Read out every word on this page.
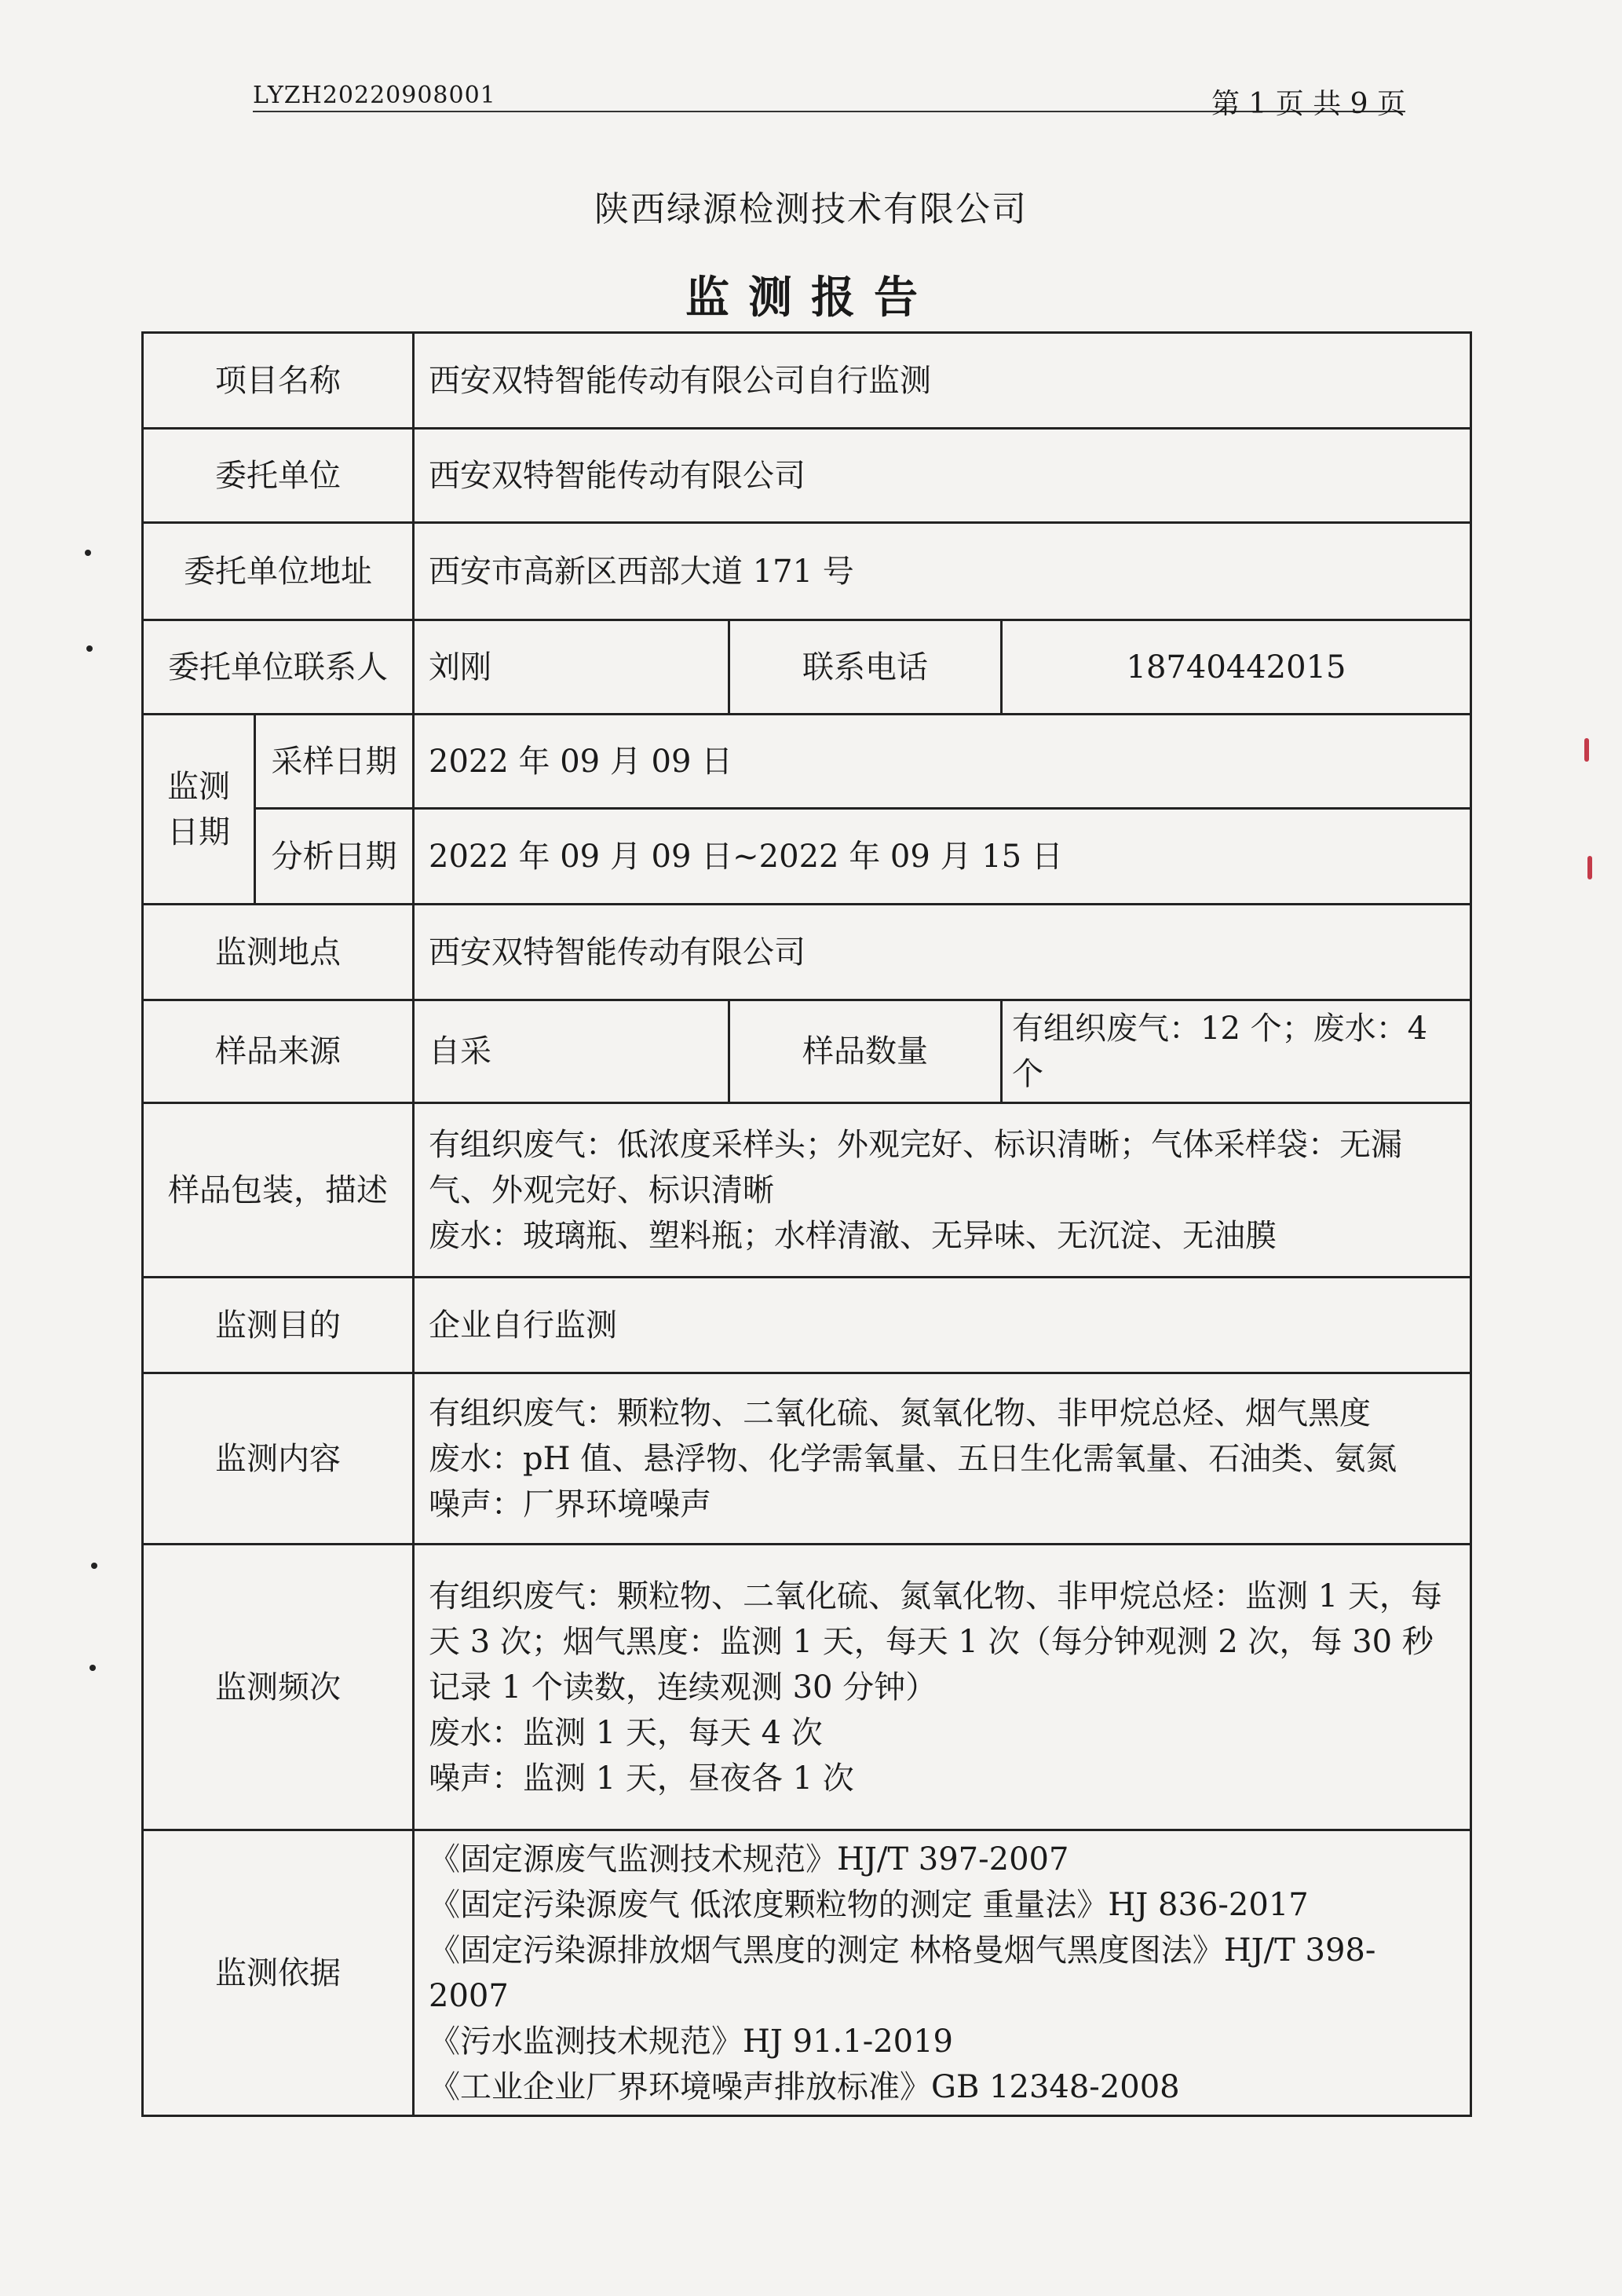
LYZH20220908001	第 1 页 共 9 页
陕西绿源检测技术有限公司
监测报告
项目名称		西安双特智能传动有限公司自行监测		
委托单位		西安双特智能传动有限公司		
委托单位地址		西安市高新区西部大道 171 号		
委托单位联系人		刘刚	联系电话	18740442015
监测日期	采样日期	2022 年 09 月 09 日		
	分析日期	2022 年 09 月 09 日~2022 年 09 月 15 日		
监测地点		西安双特智能传动有限公司		
样品来源		自采	样品数量	有组织废气：12 个；废水：4 个
样品包装，描述		有组织废气：低浓度采样头；外观完好、标识清晰；气体采样袋：无漏气、外观完好、标识清晰
废水：玻璃瓶、塑料瓶；水样清澈、无异味、无沉淀、无油膜		

监测目的		企业自行监测		
监测内容		有组织废气：颗粒物、二氧化硫、氮氧化物、非甲烷总烃、烟气黑度
废水：pH 值、悬浮物、化学需氧量、五日生化需氧量、石油类、氨氮
噪声：厂界环境噪声		

监测频次		有组织废气：颗粒物、二氧化硫、氮氧化物、非甲烷总烃：监测 1 天，每天 3 次；烟气黑度：监测 1 天，每天 1 次（每分钟观测 2 次，每 30 秒记录 1 个读数，连续观测 30 分钟）
废水：监测 1 天，每天 4 次
噪声：监测 1 天，昼夜各 1 次		

监测依据		《固定源废气监测技术规范》HJ/T 397-2007
《固定污染源废气 低浓度颗粒物的测定 重量法》HJ 836-2017
《固定污染源排放烟气黑度的测定 林格曼烟气黑度图法》HJ/T 398-2007
《污水监测技术规范》HJ 91.1-2019
《工业企业厂界环境噪声排放标准》GB 12348-2008		
